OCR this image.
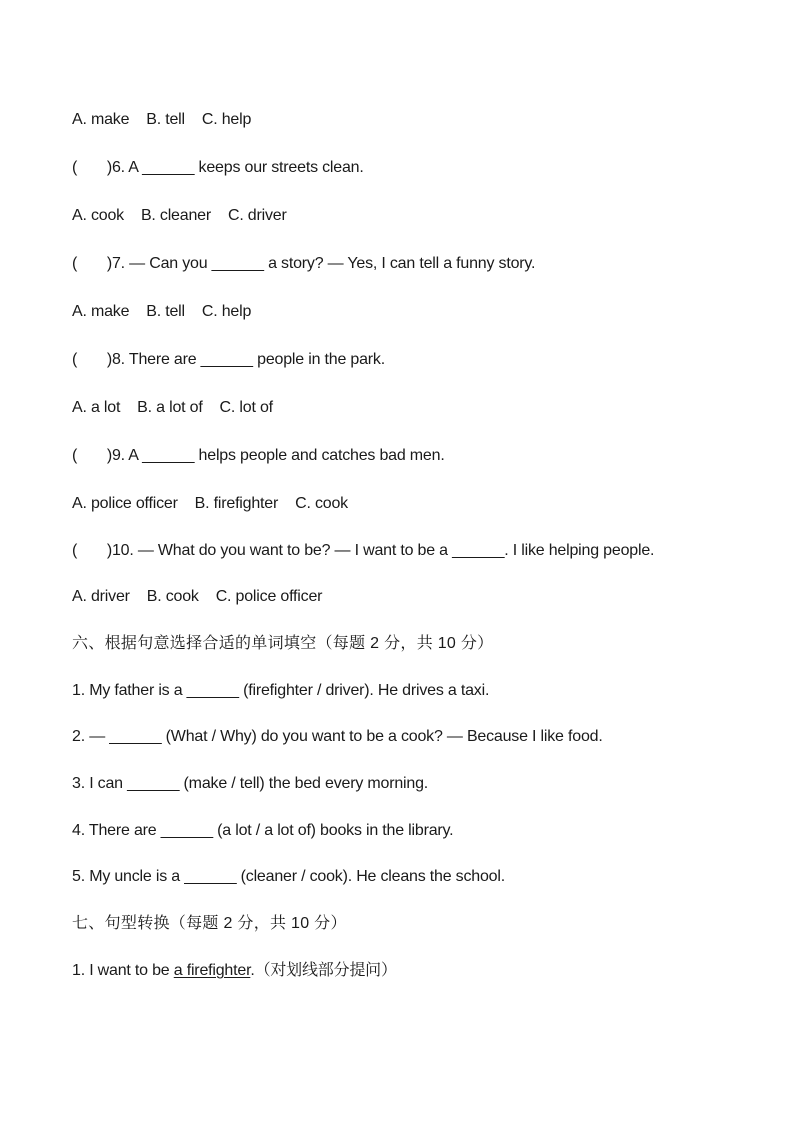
A. make    B. tell    C. help
(       )6. A ______ keeps our streets clean.
A. cook    B. cleaner    C. driver
(       )7. — Can you ______ a story? — Yes, I can tell a funny story.
A. make    B. tell    C. help
(       )8. There are ______ people in the park.
A. a lot    B. a lot of    C. lot of
(       )9. A ______ helps people and catches bad men.
A. police officer    B. firefighter    C. cook
(       )10. — What do you want to be? — I want to be a ______. I like helping people.
A. driver    B. cook    C. police officer
六、根据句意选择合适的单词填空（每题 2 分，共 10 分）
1. My father is a ______ (firefighter / driver). He drives a taxi.
2. — ______ (What / Why) do you want to be a cook? — Because I like food.
3. I can ______ (make / tell) the bed every morning.
4. There are ______ (a lot / a lot of) books in the library.
5. My uncle is a ______ (cleaner / cook). He cleans the school.
七、句型转换（每题 2 分，共 10 分）
1. I want to be a firefighter.（对划线部分提问）
